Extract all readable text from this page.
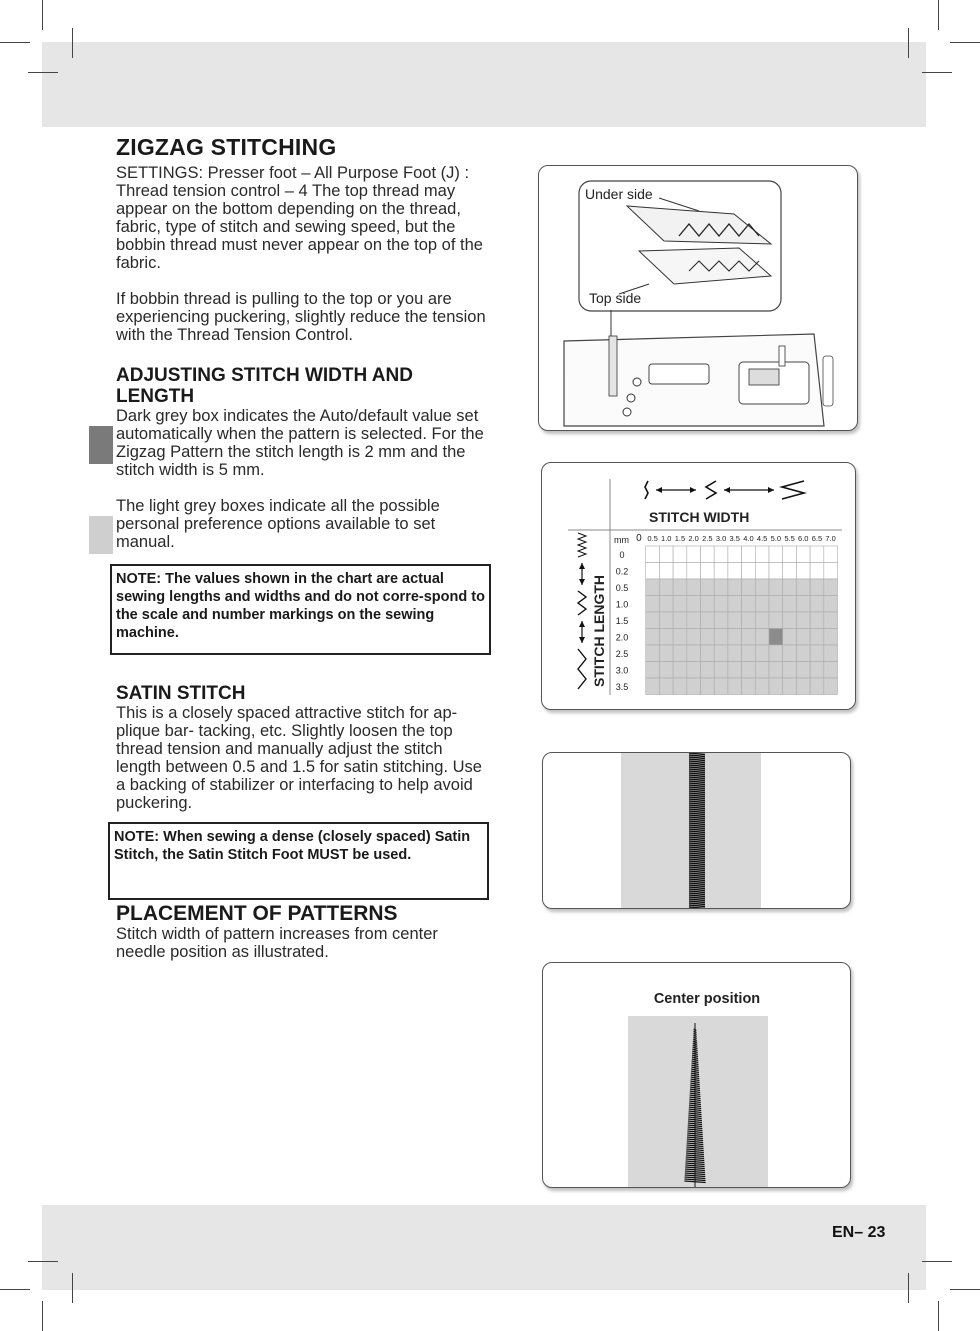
ZIGZAG STITCHING

SETTINGS: Presser foot – All Purpose Foot (J) : Thread tension control – 4 The top thread may appear on the bottom depending on the thread, fabric, type of stitch and sewing speed, but the bobbin thread must never appear on the top of the fabric.

If bobbin thread is pulling to the top or you are experiencing puckering, slightly reduce the tension with the Thread Tension Control.

ADJUSTING STITCH WIDTH AND LENGTH

Dark grey box indicates the Auto/default value set automatically when the pattern is selected. For the Zigzag Pattern the stitch length is 2 mm and the stitch width is 5 mm.

The light grey boxes indicate all the possible personal preference options available to set manual.

NOTE: The values shown in the chart are actual sewing lengths and widths and do not corre-spond to the scale and number markings on the sewing machine.
SATIN STITCH

This is a closely spaced attractive stitch for ap-plique bar- tacking, etc. Slightly loosen the top thread tension and manually adjust the stitch length between 0.5 and 1.5 for satin stitching. Use a backing of stabilizer or interfacing to help avoid puckering.

NOTE: When sewing a dense (closely spaced) Satin Stitch, the Satin Stitch Foot MUST be used.
PLACEMENT OF PATTERNS

Stitch width of pattern increases from center needle position as illustrated.

Under side
Top side
STITCH WIDTH
STITCH LENGTH
mm 0 0.5 1.0 1.5 2.0 2.5 3.0 3.5 4.0 4.5 5.0 5.5 6.0 6.5 7.0
0
0.2
0.5
1.0
1.5
2.0
2.5
3.0
3.5
Center position
EN– 23
